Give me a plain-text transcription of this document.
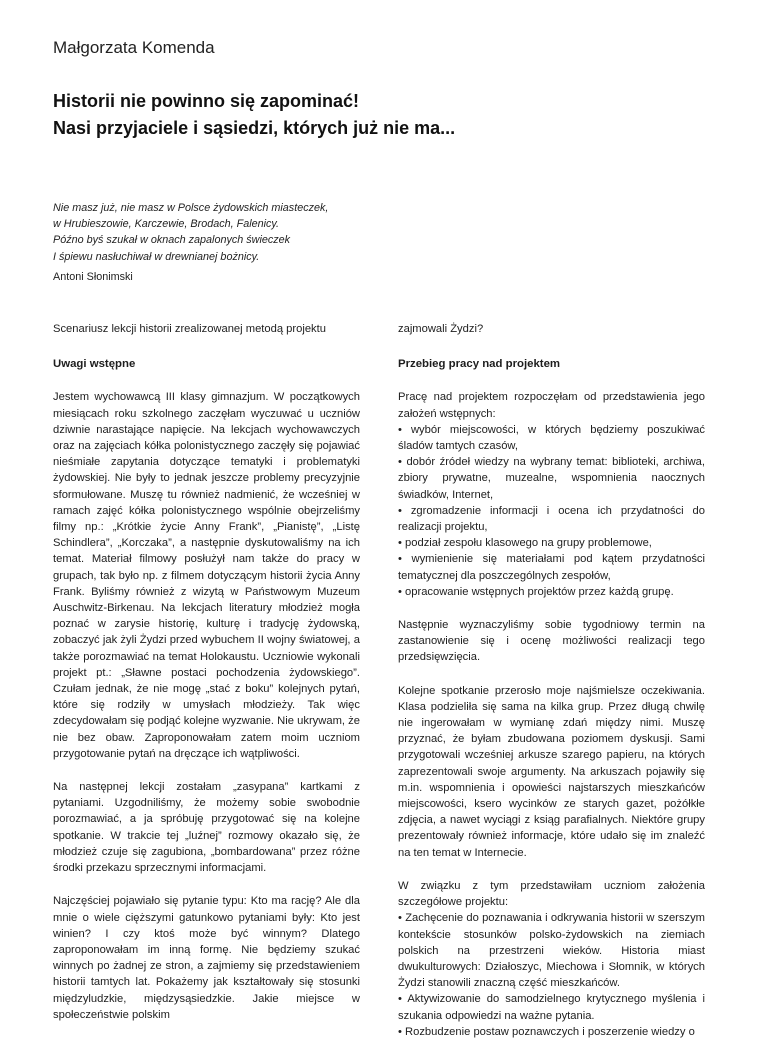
Małgorzata Komenda
Historii nie powinno się zapominać!
Nasi przyjaciele i sąsiedzi, których już nie ma...
Nie masz już, nie masz w Polsce żydowskich miasteczek,
w Hrubieszowie, Karczewie, Brodach, Falenicy.
Późno byś szukał w oknach zapalonych świeczek
I śpiewu nasłuchiwał w drewnianej bożnicy.
Antoni Słonimski

Scenariusz lekcji historii zrealizowanej metodą projektu

Uwagi wstępne

Jestem wychowawcą III klasy gimnazjum. W początkowych miesiącach roku szkolnego zaczęłam wyczuwać u uczniów dziwnie narastające napięcie. Na lekcjach wychowawczych oraz na zajęciach kółka polonistycznego zaczęły się pojawiać nieśmiałe zapytania dotyczące tematyki i problematyki żydowskiej. Nie były to jednak jeszcze problemy precyzyjnie sformułowane. Muszę tu również nadmienić, że wcześniej w ramach zajęć kółka polonistycznego wspólnie obejrzeliśmy filmy np.: „Krótkie życie Anny Frank”, „Pianistę”, „Listę Schindlera”, „Korczaka”, a następnie dyskutowaliśmy na ich temat. Materiał filmowy posłużył nam także do pracy w grupach, tak było np. z filmem dotyczącym historii życia Anny Frank. Byliśmy również z wizytą w Państwowym Muzeum Auschwitz-Birkenau. Na lekcjach literatury młodzież mogła poznać w zarysie historię, kulturę i tradycję żydowską, zobaczyć jak żyli Żydzi przed wybuchem II wojny światowej, a także porozmawiać na temat Holokaustu. Uczniowie wykonali projekt pt.: „Sławne postaci pochodzenia żydowskiego”. Czułam jednak, że nie mogę „stać z boku” kolejnych pytań, które się rodziły w umysłach młodzieży. Tak więc zdecydowałam się podjąć kolejne wyzwanie. Nie ukrywam, że nie bez obaw. Zaproponowałam zatem moim uczniom przygotowanie pytań na dręczące ich wątpliwości.

Na następnej lekcji zostałam „zasypana” kartkami z pytaniami. Uzgodniliśmy, że możemy sobie swobodnie porozmawiać, a ja spróbuję przygotować się na kolejne spotkanie. W trakcie tej „luźnej” rozmowy okazało się, że młodzież czuje się zagubiona, „bombardowana” przez różne środki przekazu sprzecznymi informacjami.

Najczęściej pojawiało się pytanie typu: Kto ma rację? Ale dla mnie o wiele cięższymi gatunkowo pytaniami były: Kto jest winien? I czy ktoś może być winnym? Dlatego zaproponowałam im inną formę. Nie będziemy szukać winnych po żadnej ze stron, a zajmiemy się przedstawieniem historii tamtych lat. Pokażemy jak kształtowały się stosunki międzyludzkie, międzysąsiedzkie. Jakie miejsce w społeczeństwie polskim

zajmowali Żydzi?

Przebieg pracy nad projektem

Pracę nad projektem rozpoczęłam od przedstawienia jego założeń wstępnych:
• wybór miejscowości, w których będziemy poszukiwać śladów tamtych czasów,
• dobór źródeł wiedzy na wybrany temat: biblioteki, archiwa, zbiory prywatne, muzealne, wspomnienia naocznych świadków, Internet,
• zgromadzenie informacji i ocena ich przydatności do realizacji projektu,
• podział zespołu klasowego na grupy problemowe,
• wymienienie się materiałami pod kątem przydatności tematycznej dla poszczególnych zespołów,
• opracowanie wstępnych projektów przez każdą grupę.

Następnie wyznaczyliśmy sobie tygodniowy termin na zastanowienie się i ocenę możliwości realizacji tego przedsięwzięcia.

Kolejne spotkanie przerosło moje najśmielsze oczekiwania. Klasa podzieliła się sama na kilka grup. Przez długą chwilę nie ingerowałam w wymianę zdań między nimi. Muszę przyznać, że byłam zbudowana poziomem dyskusji. Sami przygotowali wcześniej arkusze szarego papieru, na których zaprezentowali swoje argumenty. Na arkuszach pojawiły się m.in. wspomnienia i opowieści najstarszych mieszkańców miejscowości, ksero wycinków ze starych gazet, pożółkłe zdjęcia, a nawet wyciągi z ksiąg parafialnych. Niektóre grupy prezentowały również informacje, które udało się im znaleźć na ten temat w Internecie.

W związku z tym przedstawiłam uczniom założenia szczegółowe projektu:
• Zachęcenie do poznawania i odkrywania historii w szerszym kontekście stosunków polsko-żydowskich na ziemiach polskich na przestrzeni wieków. Historia miast dwukulturowych: Działoszyc, Miechowa i Słomnik, w których Żydzi stanowili znaczną część mieszkańców.
• Aktywizowanie do samodzielnego krytycznego myślenia i szukania odpowiedzi na ważne pytania.
• Rozbudzenie postaw poznawczych i poszerzenie wiedzy o
